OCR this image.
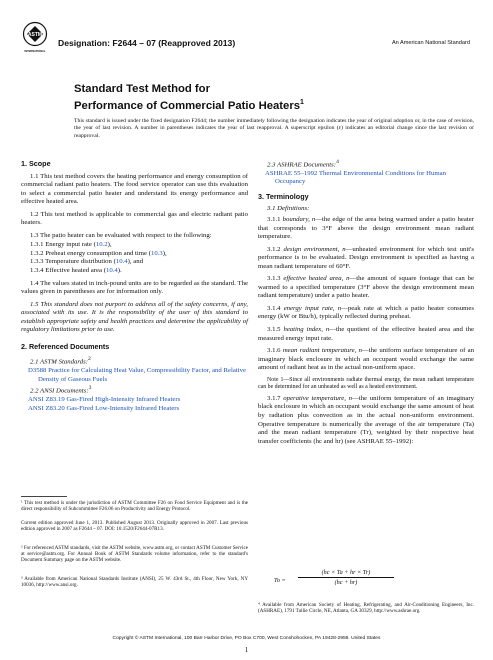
ASTM
INTERNATIONAL
Designation: F2644 – 07 (Reapproved 2013)	An American National Standard
Standard Test Method for
Performance of Commercial Patio Heaters$^1$
This standard is issued under the fixed designation F2644; the number immediately following the designation indicates the year of original adoption or, in the case of revision, the year of last revision. A number in parentheses indicates the year of last reapproval. A superscript epsilon (ε) indicates an editorial change since the last revision or reapproval.
1. Scope
1.1 This test method covers the heating performance and energy consumption of commercial radiant patio heaters. The food service operator can use this evaluation to select a commercial patio heater and understand its energy performance and effective heated area.
1.2 This test method is applicable to commercial gas and electric radiant patio heaters.
1.3 The patio heater can be evaluated with respect to the following:
1.3.1 Energy input rate (10.2),
1.3.2 Preheat energy consumption and time (10.3),
1.3.3 Temperature distribution (10.4), and
1.3.4 Effective heated area (10.4).
1.4 The values stated in inch-pound units are to be regarded as the standard. The values given in parentheses are for information only.
1.5 This standard does not purport to address all of the safety concerns, if any, associated with its use. It is the responsibility of the user of this standard to establish appropriate safety and health practices and determine the applicability of regulatory limitations prior to use.
2. Referenced Documents
2.1 ASTM Standards:$^2$

D3588 Practice for Calculating Heat Value, Compressibility Factor, and Relative Density of Gaseous Fuels

2.2 ANSI Documents:$^3$

ANSI Z83.19 Gas-Fired High-Intensity Infrared Heaters

ANSI Z83.20 Gas-Fired Low-Intensity Infrared Heaters

¹ This test method is under the jurisdiction of ASTM Committee F26 on Food Service Equipment and is the direct responsibility of Subcommittee F26.06 on Productivity and Energy Protocol.
Current edition approved June 1, 2013. Published August 2013. Originally approved in 2007. Last previous edition approved in 2007 as F2644 – 07. DOI: 10.1520/F2644-07R13.
² For referenced ASTM standards, visit the ASTM website, www.astm.org, or contact ASTM Customer Service at service@astm.org. For Annual Book of ASTM Standards volume information, refer to the standard's Document Summary page on the ASTM website.
³ Available from American National Standards Institute (ANSI), 25 W. 43rd St., 4th Floor, New York, NY 10036, http://www.ansi.org.
2.3 ASHRAE Documents:$^4$

ASHRAE 55–1992 Thermal Environmental Conditions for Human Occupancy

3. Terminology
3.1 Definitions:
3.1.1 boundary, n—the edge of the area being warmed under a patio heater that corresponds to 3°F above the design environment mean radiant temperature.
3.1.2 design environment, n—unheated environment for which test unit's performance is to be evaluated. Design environment is specified as having a mean radiant temperature of 60°F.
3.1.3 effective heated area, n—the amount of square footage that can be warmed to a specified temperature (3°F above the design environment mean radiant temperature) under a patio heater.
3.1.4 energy input rate, n—peak rate at which a patio heater consumes energy (kW or Btu/h), typically reflected during preheat.
3.1.5 heating index, n—the quotient of the effective heated area and the measured energy input rate.
3.1.6 mean radiant temperature, n—the uniform surface temperature of an imaginary black enclosure in which an occupant would exchange the same amount of radiant heat as in the actual non-uniform space.
Note 1—Since all environments radiate thermal energy, the mean radiant temperature can be determined for an unheated as well as a heated environment.
3.1.7 operative temperature, n—the uniform temperature of an imaginary black enclosure in which an occupant would exchange the same amount of heat by radiation plus convection as in the actual non-uniform environment. Operative temperature is numerically the average of the air temperature (Ta) and the mean radiant temperature (Tr), weighted by their respective heat transfer coefficients (hc and hr) (see ASHRAE 55–1992):
$To = \frac{(hc \times Ta + hr \times Tr)}{(hc + hr)}$
⁴ Available from American Society of Heating, Refrigerating, and Air-Conditioning Engineers, Inc. (ASHRAE), 1791 Tullie Circle, NE, Atlanta, GA 30329, http://www.ashrae.org.
Copyright © ASTM International, 100 Barr Harbor Drive, PO Box C700, West Conshohocken, PA 19428-2959. United States
1
